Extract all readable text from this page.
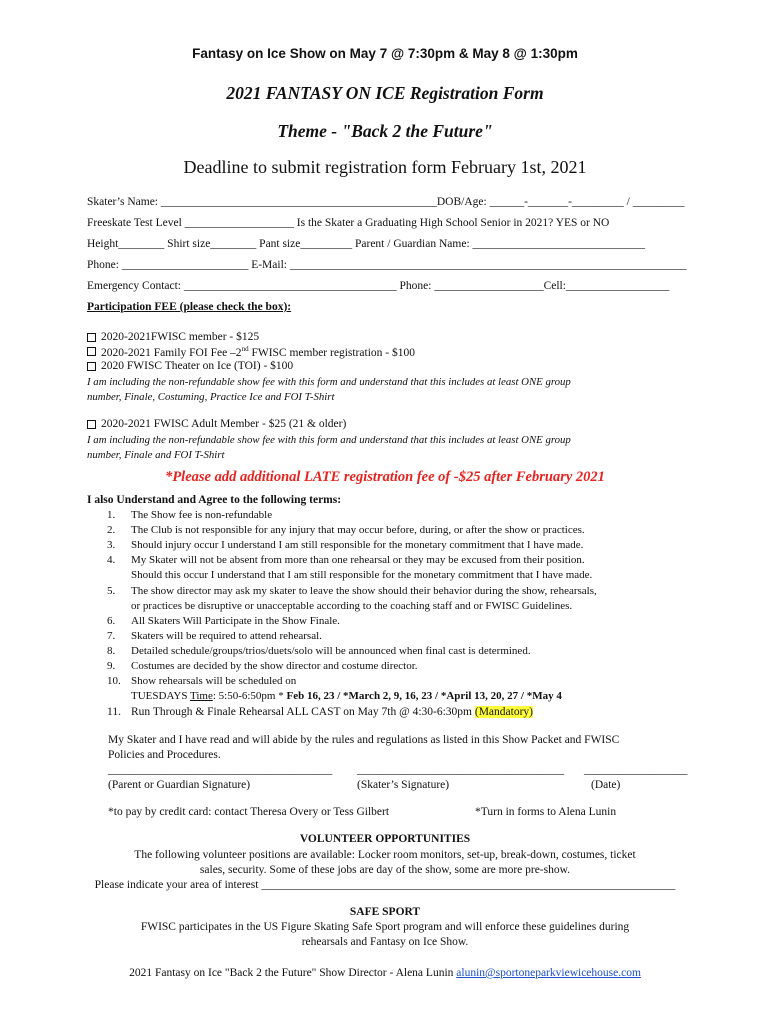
Fantasy on Ice Show on May 7 @ 7:30pm & May 8 @ 1:30pm
2021 FANTASY ON ICE Registration Form
Theme - "Back 2 the Future"
Deadline to submit registration form February 1st, 2021
Skater’s Name: ________________________________________________DOB/Age: ______-_______-_________ / _________
Freeskate Test Level ___________________ Is the Skater a Graduating High School Senior in 2021? YES or NO
Height________ Shirt size________ Pant size_________ Parent / Guardian Name: ______________________________
Phone: ______________________ E-Mail: _____________________________________________________________________
Emergency Contact: _____________________________________ Phone: ___________________Cell:__________________
Participation FEE (please check the box):
2020-2021FWISC member - $125
2020-2021 Family FOI Fee –2nd FWISC member registration - $100
2020 FWISC Theater on Ice (TOI) - $100
I am including the non-refundable show fee with this form and understand that this includes at least ONE group
number, Finale, Costuming, Practice Ice and FOI T-Shirt
2020-2021 FWISC Adult Member - $25 (21 & older)
I am including the non-refundable show fee with this form and understand that this includes at least ONE group
number, Finale and FOI T-Shirt
*Please add additional LATE registration fee of -$25 after February 2021
I also Understand and Agree to the following terms:
1. The Show fee is non-refundable
2. The Club is not responsible for any injury that may occur before, during, or after the show or practices.
3. Should injury occur I understand I am still responsible for the monetary commitment that I have made.
4. My Skater will not be absent from more than one rehearsal or they may be excused from their position.
Should this occur I understand that I am still responsible for the monetary commitment that I have made.
5. The show director may ask my skater to leave the show should their behavior during the show, rehearsals,
or practices be disruptive or unacceptable according to the coaching staff and or FWISC Guidelines.
6. All Skaters Will Participate in the Show Finale.
7. Skaters will be required to attend rehearsal.
8. Detailed schedule/groups/trios/duets/solo will be announced when final cast is determined.
9. Costumes are decided by the show director and costume director.
10. Show rehearsals will be scheduled on
TUESDAYS Time: 5:50-6:50pm * Feb 16, 23 / *March 2, 9, 16, 23 / *April 13, 20, 27 / *May 4
11. Run Through & Finale Rehearsal ALL CAST on May 7th @ 4:30-6:30pm (Mandatory)
My Skater and I have read and will abide by the rules and regulations as listed in this Show Packet and FWISC
Policies and Procedures.
_______________________________________ ____________________________________ __________________
(Parent or Guardian Signature)	(Skater’s Signature)	(Date)
*to pay by credit card: contact Theresa Overy or Tess Gilbert	*Turn in forms to Alena Lunin
VOLUNTEER OPPORTUNITIES
The following volunteer positions are available: Locker room monitors, set-up, break-down, costumes, ticket
sales, security. Some of these jobs are day of the show, some are more pre-show.
Please indicate your area of interest ________________________________________________________________________
SAFE SPORT
FWISC participates in the US Figure Skating Safe Sport program and will enforce these guidelines during
rehearsals and Fantasy on Ice Show.
2021 Fantasy on Ice "Back 2 the Future" Show Director - Alena Lunin alunin@sportoneparkviewicehouse.com
